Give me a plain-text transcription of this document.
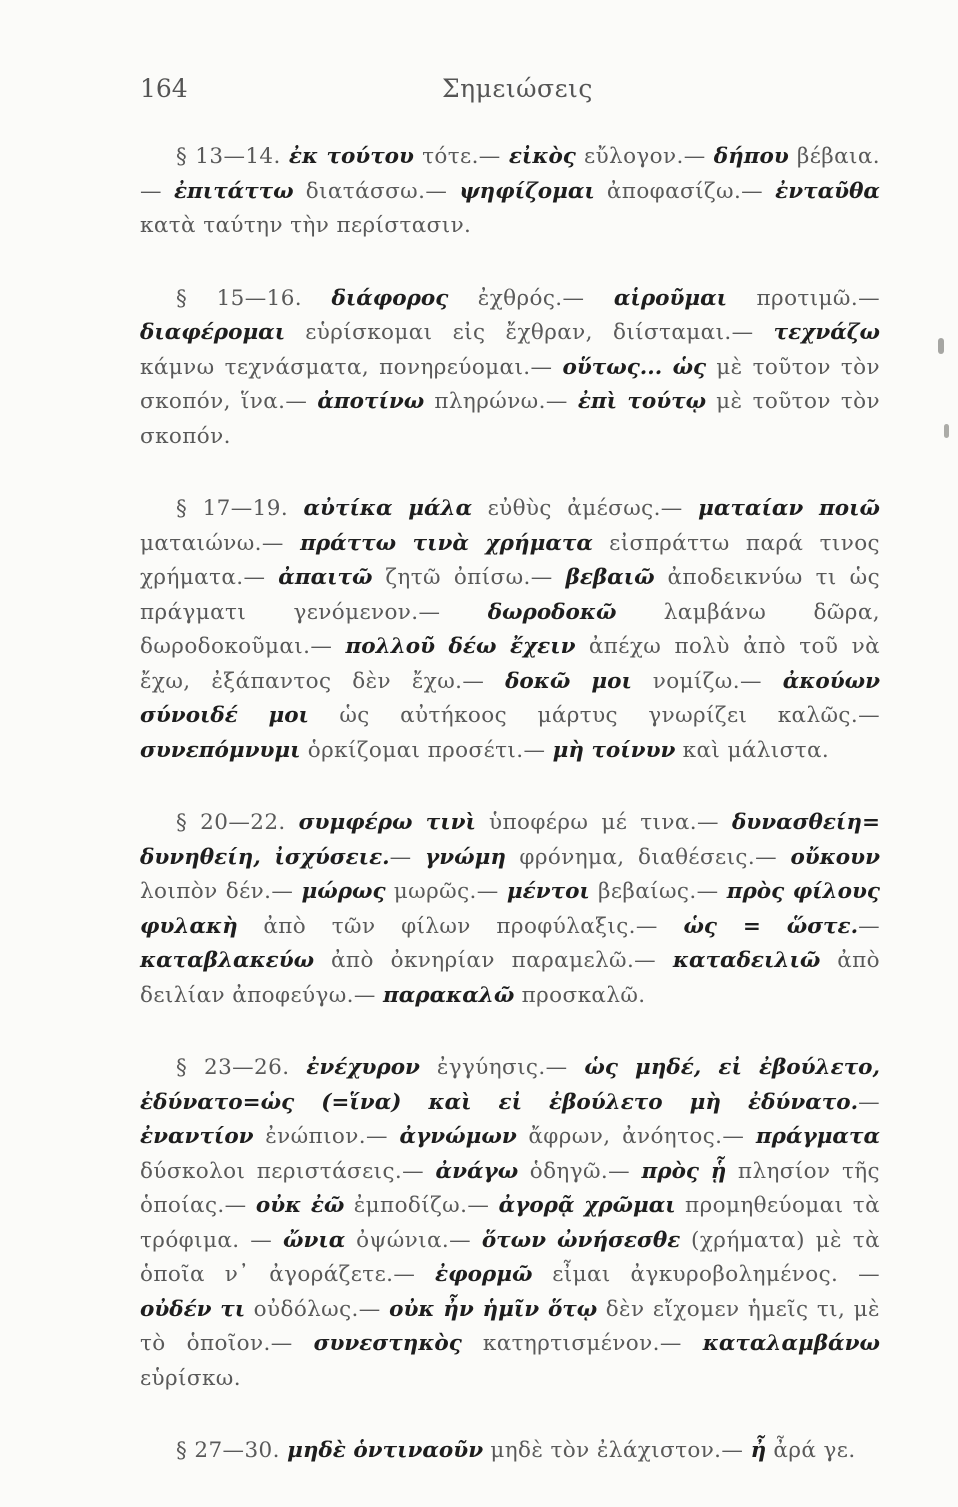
164	Σημειώσεις

§ 13—14. ἐκ τούτου τότε.— εἰκὸς εὔλογον.— δήπου βέβαια.— ἐπιτάττω διατάσσω.— ψηφίζομαι ἀποφασίζω.— ἐνταῦθα κατὰ ταύτην τὴν περίστασιν.

§ 15—16. διάφορος ἐχθρός.— αἱροῦμαι προτιμῶ.— διαφέρομαι εὑρίσκομαι εἰς ἔχθραν, διίσταμαι.— τεχνάζω κάμνω τεχνάσματα, πονηρεύομαι.— οὕτως... ὡς μὲ τοῦτον τὸν σκοπόν, ἵνα.— ἀποτίνω πληρώνω.— ἐπὶ τούτῳ μὲ τοῦτον τὸν σκοπόν.

§ 17—19. αὐτίκα μάλα εὐθὺς ἀμέσως.— ματαίαν ποιῶ ματαιώνω.— πράττω τινὰ χρήματα εἰσπράττω παρά τινος χρήματα.— ἀπαιτῶ ζητῶ ὀπίσω.— βεβαιῶ ἀποδεικνύω τι ὡς πράγματι γενόμενον.— δωροδοκῶ λαμβάνω δῶρα, δωροδοκοῦμαι.— πολλοῦ δέω ἔχειν ἀπέχω πολὺ ἀπὸ τοῦ νὰ ἔχω, ἐξάπαντος δὲν ἔχω.— δοκῶ μοι νομίζω.— ἀκούων σύνοιδέ μοι ὡς αὐτήκοος μάρτυς γνωρίζει καλῶς.— συνεπόμνυμι ὁρκίζομαι προσέτι.— μὴ τοίνυν καὶ μάλιστα.

§ 20—22. συμφέρω τινὶ ὑποφέρω μέ τινα.— δυνασθείη= δυνηθείη, ἰσχύσειε.— γνώμη φρόνημα, διαθέσεις.— οὔκουν λοιπὸν δέν.— μώρως μωρῶς.— μέντοι βεβαίως.— πρὸς φίλους φυλακὴ ἀπὸ τῶν φίλων προφύλαξις.— ὡς = ὥστε.— καταβλακεύω ἀπὸ ὀκνηρίαν παραμελῶ.— καταδειλιῶ ἀπὸ δειλίαν ἀποφεύγω.— παρακαλῶ προσκαλῶ.

§ 23—26. ἐνέχυρον ἐγγύησις.— ὡς μηδέ, εἰ ἐβούλετο, ἐδύνατο=ὡς (=ἵνα) καὶ εἰ ἐβούλετο μὴ ἐδύνατο.— ἐναντίον ἐνώπιον.— ἀγνώμων ἄφρων, ἀνόητος.— πράγματα δύσκολοι περιστάσεις.— ἀνάγω ὁδηγῶ.— πρὸς ᾗ πλησίον τῆς ὁποίας.— οὐκ ἐῶ ἐμποδίζω.— ἀγορᾷ χρῶμαι προμηθεύομαι τὰ τρόφιμα. — ὤνια ὀψώνια.— ὅτων ὠνήσεσθε (χρήματα) μὲ τὰ ὁποῖα ν᾽ ἀγοράζετε.— ἐφορμῶ εἶμαι ἀγκυροβολημένος. — οὐδέν τι οὐδόλως.— οὐκ ἦν ἡμῖν ὅτῳ δὲν εἴχομεν ἡμεῖς τι, μὲ τὸ ὁποῖον.— συνεστηκὸς κατηρτισμένον.— καταλαμβάνω εὑρίσκω.

§ 27—30. μηδὲ ὁντιναοῦν μηδὲ τὸν ἐλάχιστον.— ἦ ἆρά γε.
